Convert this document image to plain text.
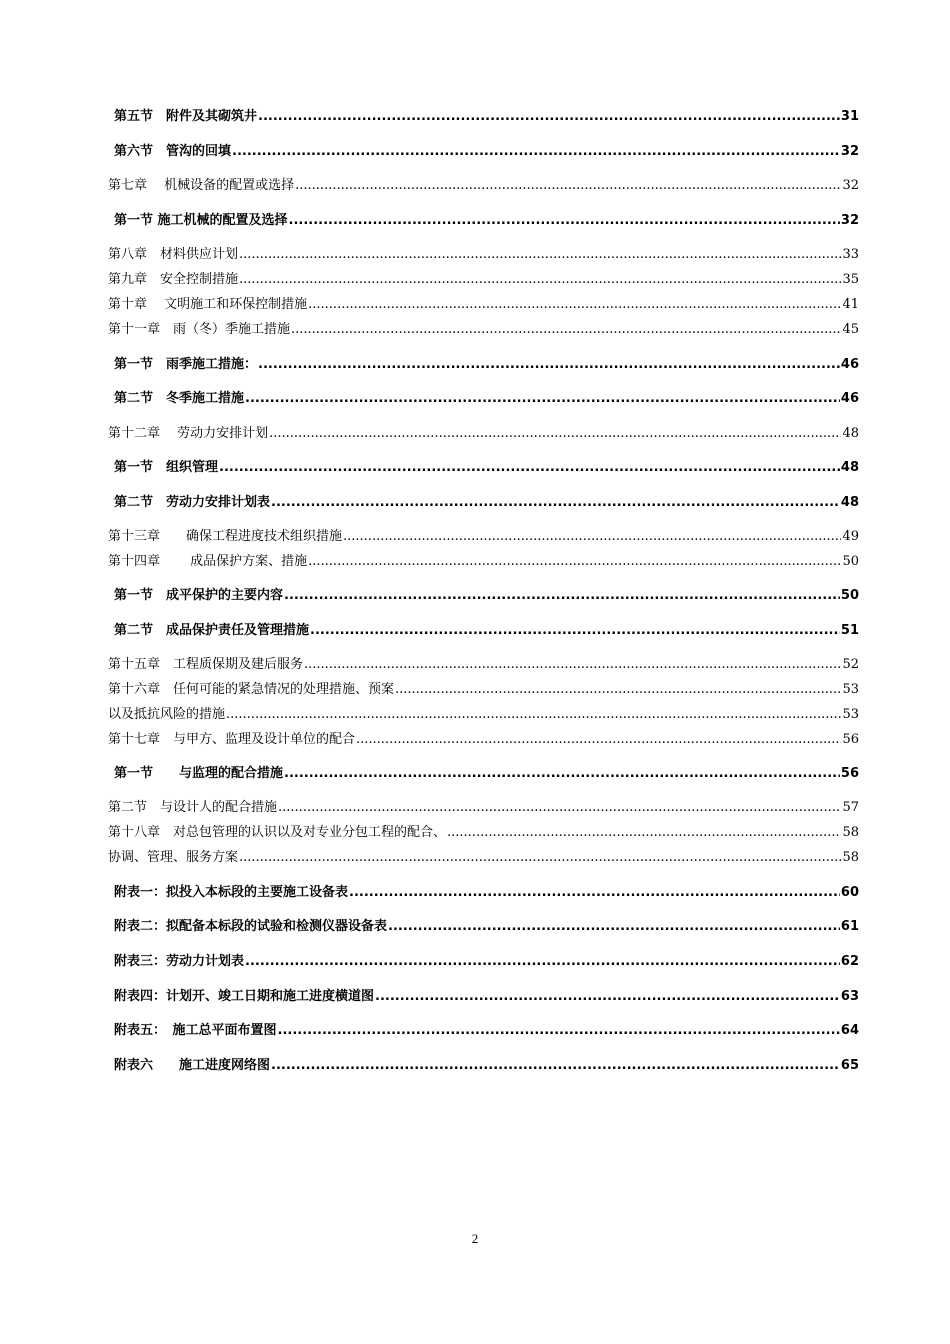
第五节　附件及其砌筑井 .....	31
第六节　管沟的回填 .....	32
第七章　 机械设备的配置或选择 .....	32
第一节 施工机械的配置及选择 .....	32
第八章　材料供应计划 .....	33
第九章　安全控制措施 .....	35
第十章　 文明施工和环保控制措施 .....	41
第十一章　雨（冬）季施工措施 .....	45
第一节　雨季施工措施： .....	46
第二节　冬季施工措施 .....	46
第十二章　 劳动力安排计划 .....	48
第一节　组织管理 .....	48
第二节　劳动力安排计划表 .....	48
第十三章　　确保工程进度技术组织措施 .....	49
第十四章　　 成品保护方案、措施 .....	50
第一节　成平保护的主要内容 .....	50
第二节　成品保护责任及管理措施 .....	51
第十五章　工程质保期及建后服务 .....	52
第十六章　任何可能的紧急情况的处理措施、预案 .....	53
以及抵抗风险的措施 .....	53
第十七章　与甲方、监理及设计单位的配合 .....	56
第一节　　与监理的配合措施 .....	56
第二节　与设计人的配合措施 .....	57
第十八章　对总包管理的认识以及对专业分包工程的配合、 .....	58
协调、管理、服务方案 .....	58
附表一：拟投入本标段的主要施工设备表 .....	60
附表二：拟配备本标段的试验和检测仪器设备表 .....	61
附表三：劳动力计划表 .....	62
附表四：计划开、竣工日期和施工进度横道图 .....	63
附表五：　施工总平面布置图 .....	64
附表六　　施工进度网络图 .....	65
2
